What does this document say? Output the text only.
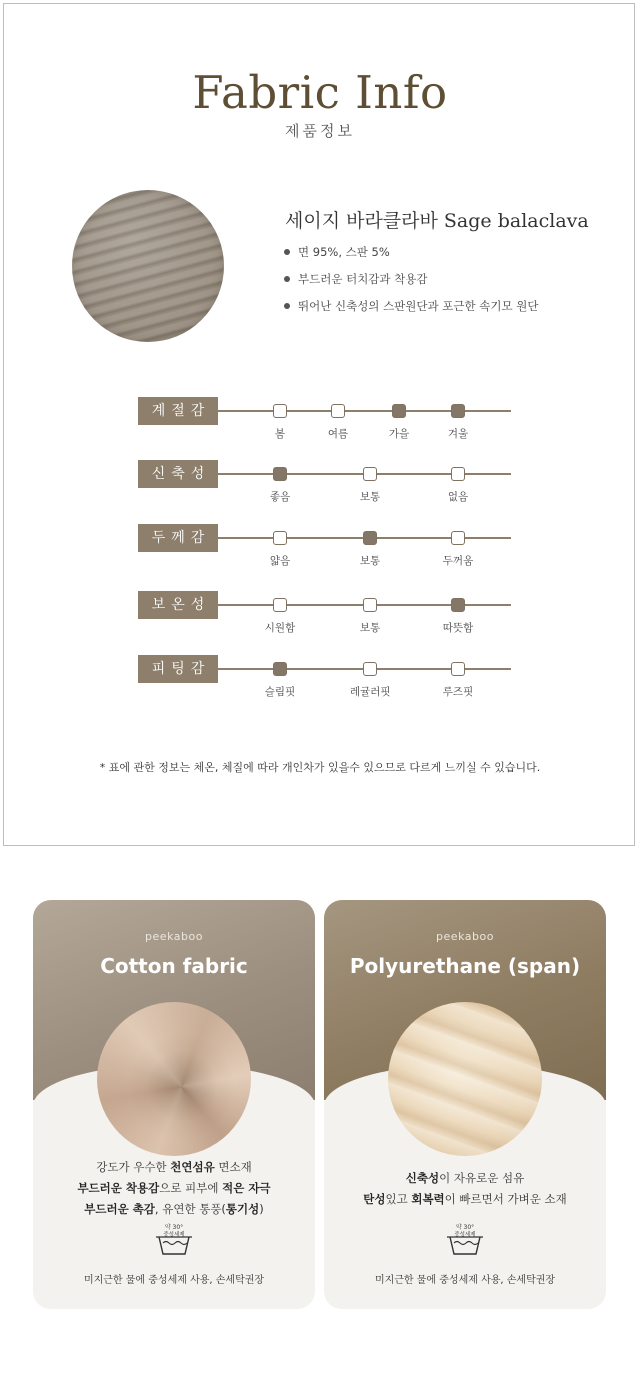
Fabric Info
제품정보
세이지 바라클라바 Sage balaclava
면 95%, 스판 5%
부드러운 터치감과 착용감
뛰어난 신축성의 스판원단과 포근한 속기모 원단
계절감
봄	여름	가을	겨울
신축성
좋음	보통	없음
두께감
얇음	보통	두꺼움
보온성
시원함	보통	따뜻함
피팅감
슬림핏	레귤러핏	루즈핏
* 표에 관한 정보는 체온, 체질에 따라 개인차가 있을수 있으므로 다르게 느끼실 수 있습니다.
peekaboo
Cotton fabric
강도가 우수한 천연섬유 면소재
부드러운 착용감으로 피부에 적은 자극
부드러운 촉감, 유연한 통풍(통기성)
약 30°
중성세제
미지근한 물에 중성세제 사용, 손세탁권장
peekaboo
Polyurethane (span)
신축성이 자유로운 섬유
탄성있고 회복력이 빠르면서 가벼운 소재
약 30°
중성세제
미지근한 물에 중성세제 사용, 손세탁권장
